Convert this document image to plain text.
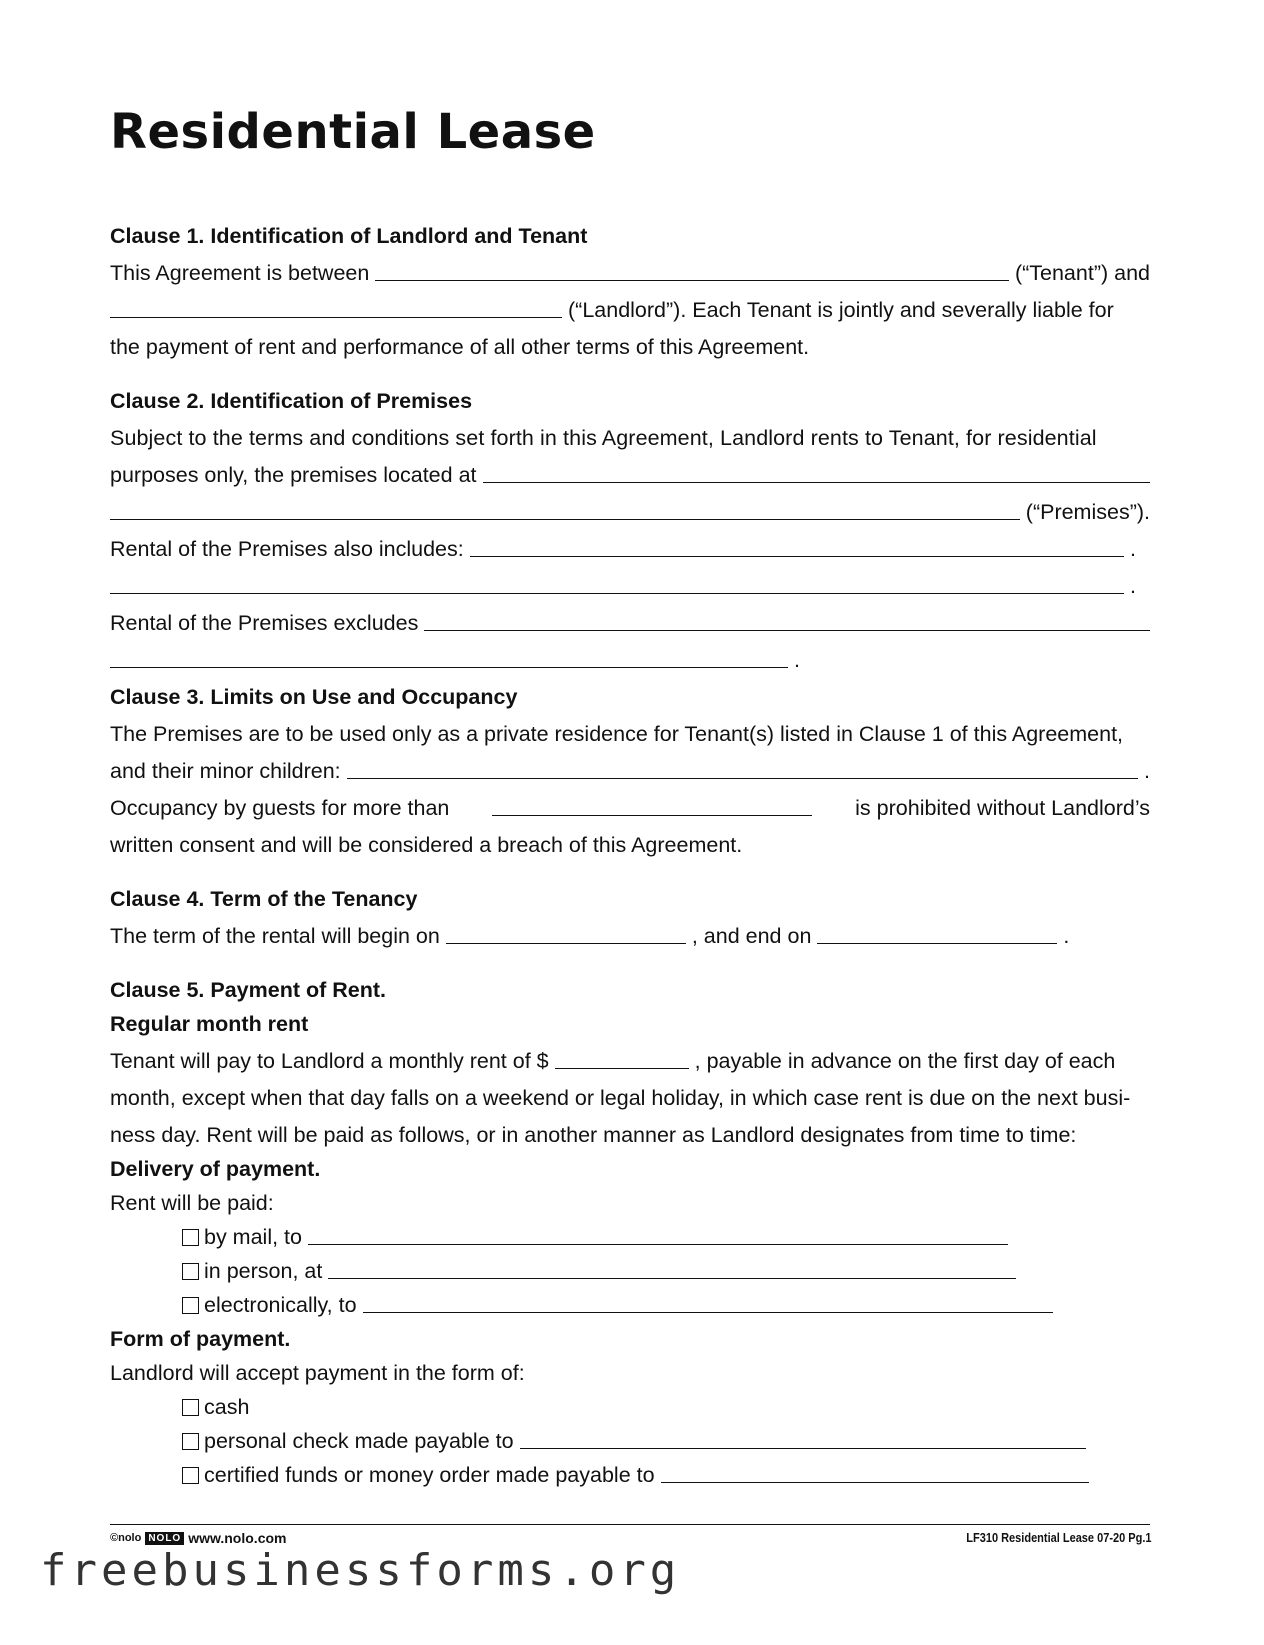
Residential Lease
Clause 1. Identification of Landlord and Tenant
This Agreement is between	(“Tenant”) and
(“Landlord”). Each Tenant is jointly and severally liable for
the payment of rent and performance of all other terms of this Agreement.
Clause 2. Identification of Premises
Subject to the terms and conditions set forth in this Agreement, Landlord rents to Tenant, for residential
purposes only, the premises located at
(“Premises”).
Rental of the Premises also includes:	.
.
Rental of the Premises excludes
.
Clause 3. Limits on Use and Occupancy
The Premises are to be used only as a private residence for Tenant(s) listed in Clause 1 of this Agreement,
and their minor children:	.
Occupancy by guests for more than	is prohibited without Landlord’s
written consent and will be considered a breach of this Agreement.
Clause 4. Term of the Tenancy
The term of the rental will begin on	, and end on	.
Clause 5. Payment of Rent.
Regular month rent
Tenant will pay to Landlord a monthly rent of $	, payable in advance on the first day of each
month, except when that day falls on a weekend or legal holiday, in which case rent is due on the next busi-
ness day. Rent will be paid as follows, or in another manner as Landlord designates from time to time:
Delivery of payment.
Rent will be paid:
by mail, to
in person, at
electronically, to
Form of payment.
Landlord will accept payment in the form of:
cash
personal check made payable to
certified funds or money order made payable to
©nolo NOLO www.nolo.com	LF310 Residential Lease 07-20 Pg.1
freebusinessforms.org
